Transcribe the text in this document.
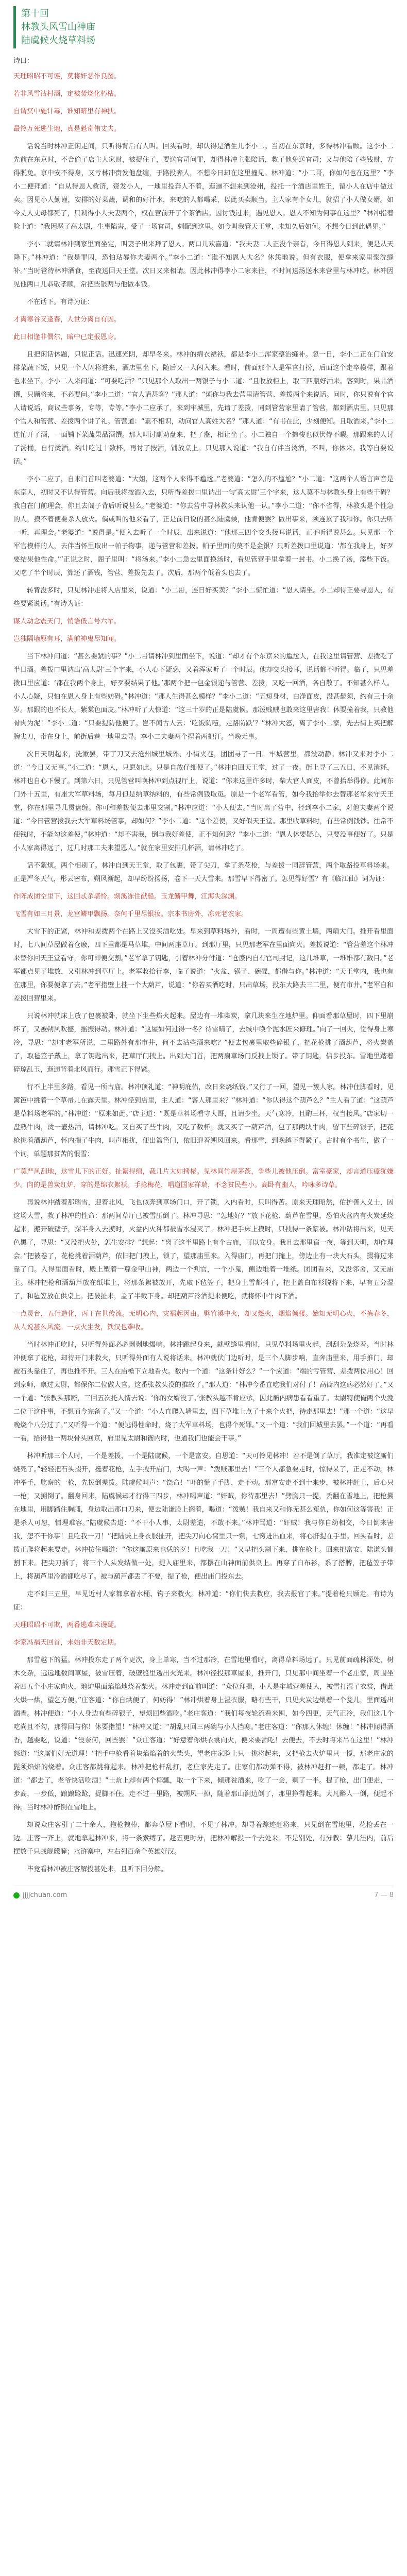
第十回
林教头风雪山神庙
陆虞候火烧草料场

诗曰：

天理昭昭不可诬，莫将奸恶作良图。

若非风雪沽村酒，定被焚烧化朽枯。

自谓冥中施计毒，谁知暗里有神扶。

最怜万死逃生地，真是魁奇伟丈夫。

话说当时林冲正闲走间，只听得背后有人叫。回头看时，却认得是酒生儿李小二。当初在东京时，多得林冲看顾。这李小二先前在东京时，不合偷了店主人家财，被捉住了，要送官司问罪，却得林冲主张陪话，救了他免送官司；又与他陪了些钱财，方得脱免。京中安不得身，又亏林冲赍发他盘缠，于路投奔人，不想今日却在这里撞见。林冲道：“小二哥，你如何也在这里？”李小二便拜道：“自从得恩人救济，赍发小人，一地里投奔人不着，迤逦不想来到沧州，投托一个酒店里姓王，留小人在店中做过卖。因见小人勤谨，安排的好菜蔬，调和的好汁水，来吃的人都喝采，以此买卖顺当。主人家有个女儿，就招了小人做女婿。如今丈人丈母都死了，只剩得小人夫妻两个，权在营前开了个茶酒店。因讨钱过来，遇见恩人。恩人不知为何事在这里？”林冲指着脸上道：“我因恶了高太尉，生事陷害，受了一场官司，刺配到这里。如今叫我管天王堂，未知久后如何。不想今日到此遇见。”

李小二就请林冲到家里面坐定，叫妻子出来拜了恩人。两口儿欢喜道：“我夫妻二人正没个亲眷，今日得恩人到来，便是从天降下。”林冲道：“我是罪囚，恐怕玷辱你夫妻两个。”李小二道：“谁不知恩人大名？休恁地说。但有衣服，便拿来家里浆洗缝补。”当时管待林冲酒食，至夜送回天王堂。次日又来相请。因此林冲得李小二家来往，不时间送汤送水来营里与林冲吃。林冲因见他两口儿恭敬孝顺，常把些银两与他做本钱。

不在话下。有诗为证：

才离寒谷又逢春，人世分离自有因。

此日相逢非偶尔，暗中已定报恩身。

且把闲话休题，只说正话。迅速光阴，却早冬来。林冲的绵衣裙袄，都是李小二浑家整治缝补。忽一日，李小二正在门前安排菜蔬下饭，只见一个人闪将进来，酒店里坐下，随后又一人闪入来。看时，前面那个人是军官打扮，后面这个走卒模样，跟着也来坐下。李小二入来问道：“可要吃酒？”只见那个人取出一两银子与小二道：“且收放柜上，取三四瓶好酒来。客到时，果品酒馔，只顾将来，不必要问。”李小二道：“官人请甚客？”那人道：“烦你与我去营里请管营、差拨两个来说话。问时，你只说有个官人请说话，商议些事务，专等，专等。”李小二应承了，来到牢城里，先请了差拨，同到管营家里请了管营，都到酒店里。只见那个官人和管营、差拨两个讲了礼。管营道：“素不相识，动问官人高姓大名？”那人道：“有书在此，少刻便知。且取酒来。”李小二连忙开了酒，一面铺下菜蔬果品酒馔。那人叫讨副劝盘来，把了盏，相让坐了。小二独自一个撺梭也似伏侍不暇。那跟来的人讨了汤桶，自行烫酒。约计吃过十数杯，再讨了按酒，铺放桌上。只见那人说道：“我自有伴当烫酒，不叫，你休来。我等自要说话。”

李小二应了，自来门首叫老婆道：“大姐，这两个人来得不尴尬。”老婆道：“怎么的不尴尬？”小二道：“这两个人语言声音是东京人，初时又不认得管营。向后我将按酒入去，只听得差拨口里讷出一句‘高太尉’三个字来，这人莫不与林教头身上有些干碍？我自在门前理会，你且去阁子背后听说甚么。”老婆道：“你去营中寻林教头来认他一认。”李小二道：“你不省得，林教头是个性急的人，摸不着便要杀人放火。倘或叫的他来看了，正是前日说的甚么陆虞候，他肯便罢？做出事来，须连累了我和你。你只去听一听，再理会。”老婆道：“说得是。”便入去听了一个时辰，出来说道：“他那三四个交头接耳说话，正不听得说甚么。只见那一个军官模样的人，去伴当怀里取出一帕子物事，递与管营和差拨。帕子里面的莫不是金银？只听差拨口里说道：‘都在我身上，好歹要结果他性命。’”正说之时，阁子里叫：“将汤来。”李小二急去里面换汤时，看见管营手里拿着一封书。小二换了汤，添些下饭。又吃了半个时辰，算还了酒钱，管营、差拨先去了。次后，那两个低着头也去了。

转背没多时，只见林冲走将入店里来，说道：“小二哥，连日好买卖？”李小二慌忙道：“恩人请坐。小二却待正要寻恩人，有些要紧说话。”有诗为证：

谋人动念震天门，悄语低言号六军。

岂独隔墙原有耳，满前神鬼尽知闻。

当下林冲问道：“甚么要紧的事？”小二哥请林冲到里面坐下，说道：“却才有个东京来的尴尬人，在我这里请管营、差拨吃了半日酒。差拨口里讷出‘高太尉’三个字来，小人心下疑惑，又着浑家听了一个时辰。他却交头接耳，说话都不听得。临了，只见差拨口里应道：‘都在我两个身上，好歹要结果了他。’那两个把一包金银递与管营、差拨，又吃一回酒，各自散了。不知甚么样人。小人心疑，只怕在恩人身上有些妨碍。”林冲道：“那人生得甚么模样？”李小二道：“五短身材，白净面皮，没甚髭须，约有三十余岁。那跟的也不长大，紫棠色面皮。”林冲听了大惊道：“这三十岁的正是陆虞候。那泼贱贼也敢来这里害我！休要撞着我，只教他骨肉为泥！”李小二道：“只要提防他便了。岂不闻古人云：‘吃饭防噎，走路防跌’？”林冲大怒，离了李小二家，先去街上买把解腕尖刀，带在身上，前街后巷一地里去寻。李小二夫妻两个捏着两把汗。当晚无事。

次日天明起来，洗漱罢，带了刀又去沧州城里城外、小街夹巷，团团寻了一日。牢城营里，都没动静。林冲又来对李小二道：“今日又无事。”小二道：“恩人，只愿如此。只是自放仔细便了。”林冲自回天王堂，过了一夜。街上寻了三五日，不见消耗，林冲也自心下慢了。到第六日，只见管营叫唤林冲到点视厅上，说道：“你来这里许多时，柴大官人面皮，不曾抬举得你。此间东门外十五里，有座大军草料场，每月但是纳草纳料的，有些常例钱取觅。原是一个老军看管，如今我抬举你去替那老军来守天王堂，你在那里寻几贯盘缠。你可和差拨便去那里交割。”林冲应道：“小人便去。”当时离了营中，径到李小二家，对他夫妻两个说道：“今日管营拨我去大军草料场管事，却如何？”李小二道：“这个差使，又好似天王堂。那里收草料时，有些常例钱钞。往常不使钱时，不能勾这差使。”林冲道：“却不害我，倒与我好差使，正不知何意？”李小二道：“恩人休要疑心，只要没事便好了。只是小人家离得远了，过几时那工夫来望恩人。”就在家里安排几杯酒，请林冲吃了。

话不絮烦。两个相别了。林冲自到天王堂，取了包裹，带了尖刀，拿了条花枪，与差拨一同辞管营，两个取路投草料场来。正是严冬天气，彤云密布，朔风渐起，却早纷纷扬扬，卷下一天大雪来。那雪早下得密了。怎见得好雪？有《临江仙》词为证：

作阵成团空里下，这回忒杀堪怜。剡溪冻住猷船。玉龙鳞甲舞，江海失深渊。

飞雪有如三月景，龙宫鳞甲飘扬。奈何千里尽银妆。宗本书房外，冻死老农家。

大雪下的正紧，林冲和差拨两个在路上又没买酒吃处。早来到草料场外，看时，一周遭有些黄土墙，两扇大门。推开看里面时，七八间草屋做着仓廒，四下里都是马草堆，中间两座草厅。到那厅里，只见那老军在里面向火。差拨说道：“管营差这个林冲来替你回天王堂看守，你可即便交割。”老军拿了钥匙，引着林冲分付道：“仓廒内自有官司封记，这几堆草，一堆堆都有数目。”老军都点见了堆数，又引林冲到草厅上。老军收拾行李，临了说道：“火盆、锅子、碗碟，都借与你。”林冲道：“天王堂内，我也有在那里，你要便拿了去。”老军指壁上挂一个大葫芦，说道：“你若买酒吃时，只出草场，投东大路去三二里，便有市井。”老军自和差拨回营里来。

只说林冲就床上放了包裹被卧，就坐下生些焰火起来。屋边有一堆柴炭，拿几块来生在地炉里。仰面看那草屋时，四下里崩坏了，又被朔风吹撼，摇振得动。林冲道：“这屋如何过得一冬？待雪晴了，去城中唤个泥水匠来修理。”向了一回火，觉得身上寒冷，寻思：“却才老军所说，二里路外有那市井，何不去沽些酒来吃？”便去包裹里取些碎银子，把花枪挑了酒葫芦，将火炭盖了，取毡笠子戴上，拿了钥匙出来，把草厅门拽上。出到大门首，把两扇草场门反拽上锁了。带了钥匙，信步投东。雪地里踏着碎琼乱玉，迤逦背着北风而行。那雪正下得紧。

行不上半里多路，看见一所古庙。林冲顶礼道：“神明庇佑，改日来烧纸钱。”又行了一回，望见一簇人家。林冲住脚看时，见篱笆中挑着一个草帚儿在露天里。林冲径到店里，主人道：“客人那里来？”林冲道：“你认得这个葫芦么？”主人看了道：“这葫芦是草料场老军的。”林冲道：“原来如此。”店主道：“既是草料场看守大哥，且请少坐。天气寒冷，且酌三杯，权当接风。”店家切一盘熟牛肉，烫一壶热酒，请林冲吃。又自买了些牛肉，又吃了数杯。就又买了一葫芦酒，包了那两块牛肉，留下些碎银子，把花枪挑着酒葫芦，怀内揣了牛肉，叫声相扰，便出篱笆门，依旧迎着朔风回来。看那雪，到晚越下得紧了。古时有个书生，做了一个词，单题那贫苦的恨雪：

广莫严风刮地，这雪儿下的正好。扯絮挦绵，裁几片大如拷栳。见林间竹屋茅茨，争些儿被他压倒。富室豪家，却言道压瘴犹嫌少。向的是兽炭红炉，穿的是绵衣絮袄。手捻梅花，唱道国家祥瑞，不念贫民些小。高卧有幽人，吟咏多诗草。

再说林冲踏着那瑞雪，迎着北风，飞也似奔到草场门口，开了锁，入内看时，只叫得苦。原来天理昭然，佑护善人义士，因这场大雪，救了林冲的性命：那两间草厅已被雪压倒了。林冲寻思：“怎地好？”放下花枪、葫芦在雪里，恐怕火盆内有火炭延烧起来，搬开破壁子，探半身入去摸时，火盆内火种都被雪水浸灭了。林冲把手床上摸时，只拽得一条絮被。林冲钻将出来，见天色黑了，寻思：“又没把火处，怎生安排？”想起：“离了这半里路上有个古庙，可以安身。我且去那里宿一夜，等到天明，却作理会。”把被卷了，花枪挑着酒葫芦，依旧把门拽上，锁了，望那庙里来。入得庙门，再把门掩上，傍边止有一块大石头，掇将过来靠了门。入得里面看时，殿上塑着一尊金甲山神，两边一个判官，一个小鬼，侧边堆着一堆纸。团团看来，又没邻舍，又无庙主。林冲把枪和酒葫芦放在纸堆上，将那条絮被放开，先取下毡笠子，把身上雪都抖了，把上盖白布衫脱将下来，早有五分湿了，和毡笠放在供桌上。把被扯来，盖了半截下身。却把葫芦冷酒提来便吃，就将怀中牛肉下酒。

一点灵台，五行造化，丙丁在世传流。无明心内，灾祸起因由。劈竹溪中火，却又燃火，烟焰倾楼。始知无明心火，不拣春冬，从人说甚么风流。一点火生发，铁汉也难收。

当时林冲正吃时，只听得外面必必剥剥地爆响。林冲跳起身来，就壁缝里看时，只见草料场里火起，刮刮杂杂烧着。当时林冲便拿了花枪，却待开门来救火，只听得外面有人说将话来。林冲就伏门边听时，是三个人脚步响，直奔庙里来，用手推门，却被石头靠住了，再也推不开。三人在庙檐下立地看火。数内一个道：“这条计好么？”一个应道：“端的亏管营、差拨两位用心！回到京师，禀过太尉，都保你二位做大官。这番张教头没的推故了。”那人道：“林冲今番直吃我们对付了！高衙内这病必然好了。”又一个道：“张教头那厮，三回五次托人情去说：‘你的女婿没了。’张教头越不肯应承，因此衙内病患看看重了。太尉特使俺两个央浼二位干这件事，不想而今完备了。”又一个道：“小人直爬入墙里去，四下草堆上点了十来个火把，待走那里去！”那一个道：“这早晚烧个八分过了。”又听得一个道：“便逃得性命时，烧了大军草料场，也得个死罪。”又一个道：“我们回城里去罢。”一个道：“再看一看，拾得他一两块骨头回京，府里见太尉和衙内时，也道我们也能会干事。”

林冲听那三个人时，一个是差拨，一个是陆虞候，一个是富安。自思道：“天可怜见林冲！若不是倒了草厅，我准定被这厮们烧死了。”轻轻把石头掇开，挺着花枪，左手拽开庙门，大喝一声：“泼贼那里去！”三个人都急要走时，惊得呆了，正走不动。林冲举手，肐察的一枪，先拨倒差拨。陆虞候叫声：“饶命！”吓的慌了手脚，走不动。那富安走不到十来步，被林冲赶上，后心只一枪，又搠倒了。翻身回来，陆虞候却才行得三四步，林冲喝声道：“奸贼，你待那里去！”劈胸只一提，丢翻在雪地上，把枪搠在地里，用脚踏住胸脯，身边取出那口刀来，便去陆谦脸上搁着，喝道：“泼贼！我自来又和你无甚么冤仇，你如何这等害我！正是杀人可恕，情理难容。”陆虞候告道：“不干小人事，太尉差遣，不敢不来。”林冲骂道：“奸贼！我与你自幼相交，今日倒来害我，怎不干你事！且吃我一刀！”把陆谦上身衣服扯开，把尖刀向心窝里只一剜，七窍迸出血来，将心肝提在手里。回头看时，差拨正爬将起来要走。林冲按住喝道：“你这厮原来也恁的歹！且吃我一刀！”又早把头割下来，挑在枪上。回来把富安、陆谦头都割下来。把尖刀插了，将三个人头发结做一处，提入庙里来，都摆在山神面前供桌上。再穿了白布衫，系了搭膊，把毡笠子带上，将葫芦里冷酒都吃尽了。被与葫芦都丢了不要，提了枪，便出庙门投东去。

走不到三五里，早见近村人家都拿着水桶、钩子来救火。林冲道：“你们快去救应，我去报官了来。”提着枪只顾走。有诗为证：

天理昭昭不可欺，两番逃难未谩疑。

李家冯祸天回首，未始非天数定期。

那雪越下的猛。林冲投东走了两个更次，身上单寒，当不过那冷，在雪地里看时，离得草料场远了。只见前面疏林深处，树木交杂，远远地数间草屋，被雪压着，破壁缝里透出火光来。林冲径投那草屋来，推开门，只见那中间坐着一个老庄家，周围坐着四五个小庄家向火，地炉里面焰焰地烧着柴火。林冲走到面前叫道：“众位拜揖，小人是牢城营差使人，被雪打湿了衣裳，借此火烘一烘，望乞方便。”庄客道：“你自烘便了，何妨得！”林冲烘着身上湿衣服，略有些干，只见火炭边煨着一个瓮儿，里面透出酒香。林冲便道：“小人身边有些碎银子，望烦回些酒吃。”老庄客道：“我们每夜轮流看米囤，如今四更，天气正冷，我们这几个吃尚且不勾，那得回与你！休要指望！”林冲又道：“胡乱只回三两碗与小人挡寒。”老庄客道：“你那人休缠！休缠！”林冲闻得酒香，越要吃，说道：“没奈何，回些罢！”众庄客道：“好意着你烘衣裳向火，便来要酒吃！去便去，不去时将来吊在这里！”林冲怒道：“这厮们好无道理！”把手中枪看着块焰焰着的火柴头，望老庄家脸上只一挑将起来，又把枪去火炉里只一搅，那老庄家的髭须焰焰的烧着。众庄客都跳将起来。林冲把枪杆乱打，老庄家先走了。庄家们都动弹不得，被林冲赶打一顿，都走了。林冲道：“都去了，老爷快活吃酒！”土炕上却有两个椰瓢，取一个下来，倾那瓮酒来，吃了一会，剩了一半。提了枪，出门便走，一步高，一步低，踉踉跄跄，捉脚不住。走不过一里路，被朔风一掉，随着那山涧边倒了，那里挣得起来。大凡醉人一倒，便起不得。当时林冲醉倒在雪地上。

却说众庄客引了二十余人，拖枪拽棒，都奔草屋下看时，不见了林冲。却寻着踪迹赶将来，只见倒在雪地里，花枪丢在一边。庄客一齐上，就地拿起林冲来，将一条索缚了。趁五更时分，把林冲解投一个去处来。不是别处，有分教：蓼儿洼内，前后摆数千只战舰艨艟；水浒寨中，左右列百余个英雄好汉。

毕竟看林冲被庄客解投甚处来，且听下回分解。

jjjjchuan.com	7 — 8
